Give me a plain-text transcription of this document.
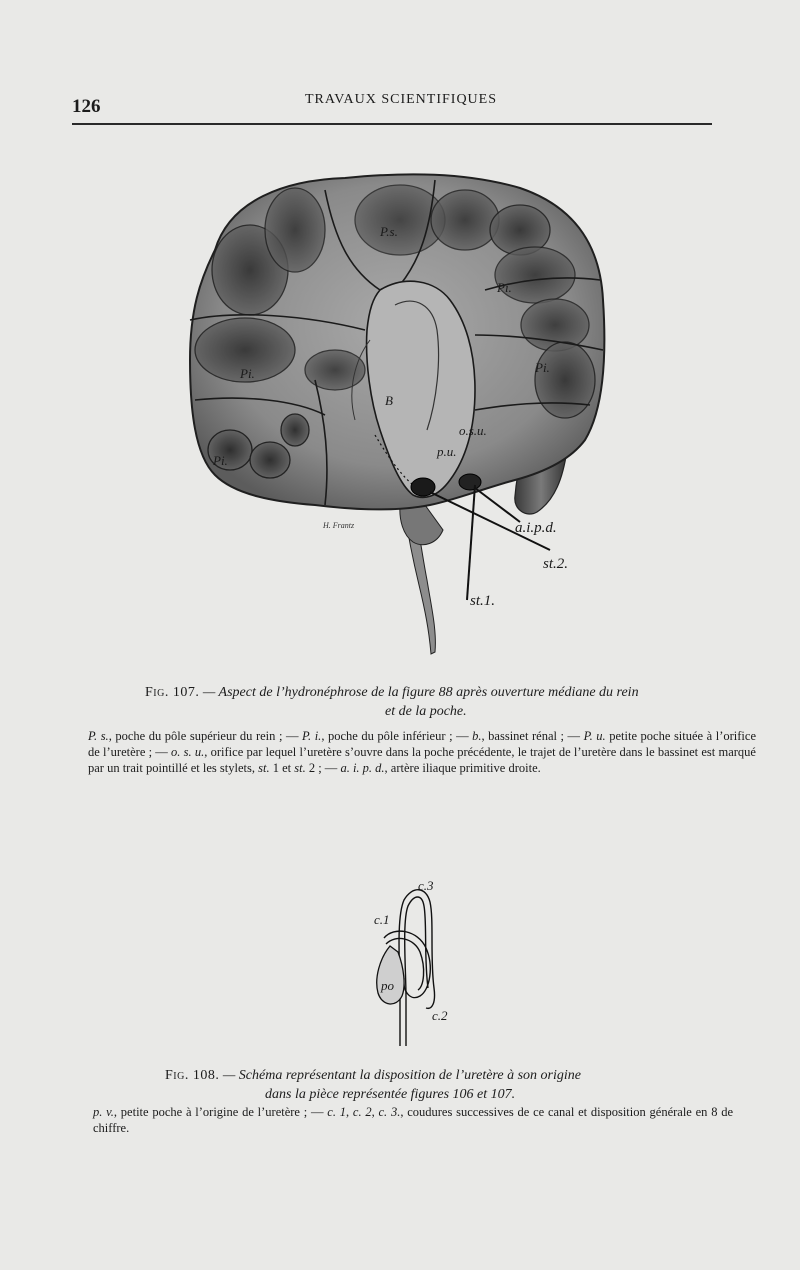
126	TRAVAUX SCIENTIFIQUES
P.s.
Pi.
Pi.	Pi.
Pi.
B
o.s.u.
p.u.
a.i.p.d.
st.2.
st.1.
H. Frantz
Fig. 107. — Aspect de l’hydronéphrose de la figure 88 après ouverture médiane du rein
et de la poche.
P. s., poche du pôle supérieur du rein ; — P. i., poche du pôle inférieur ; — b., bassinet rénal ; — P. u. petite poche située à l’orifice de l’uretère ; — o. s. u., orifice par lequel l’uretère s’ouvre dans la poche précédente, le trajet de l’uretère dans le bassinet est marqué par un trait pointillé et les stylets, st. 1 et st. 2 ; — a. i. p. d., artère iliaque primitive droite.
c.3
c.1
po
c.2
Fig. 108. — Schéma représentant la disposition de l’uretère à son origine
dans la pièce représentée figures 106 et 107.
p. v., petite poche à l’origine de l’uretère ; — c. 1, c. 2, c. 3., coudures successives de ce canal et disposition générale en 8 de chiffre.
